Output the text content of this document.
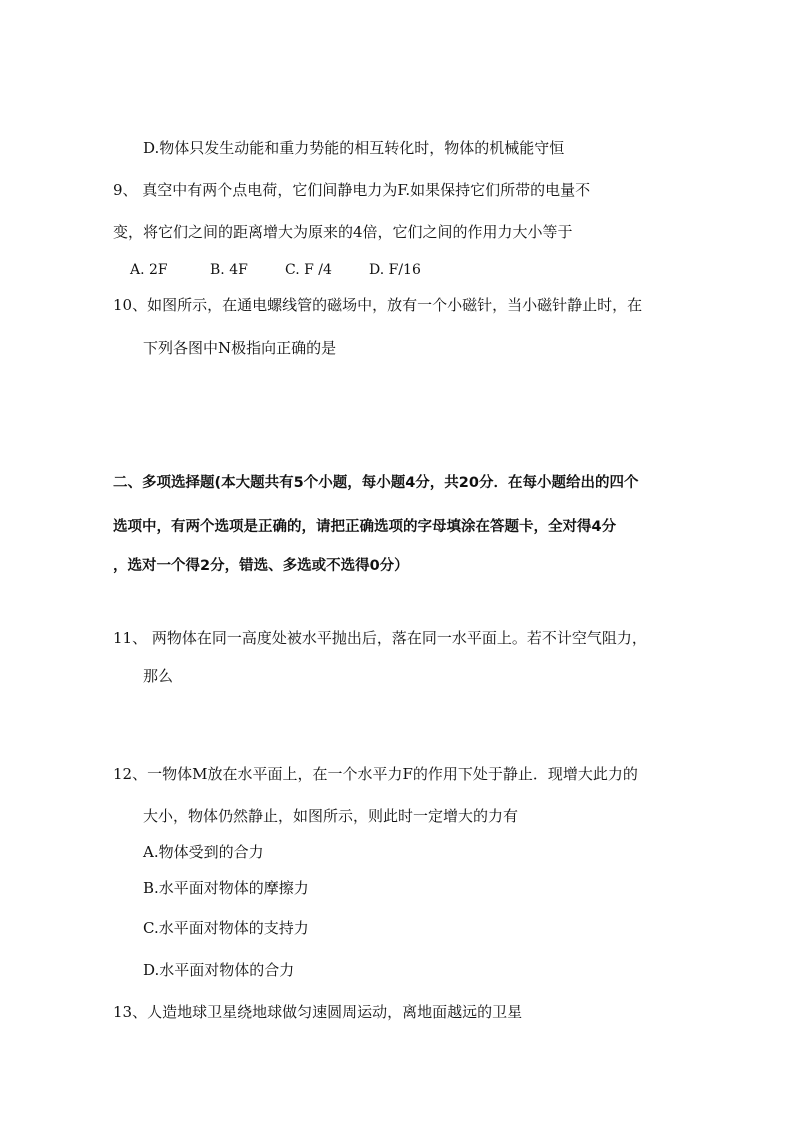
D.物体只发生动能和重力势能的相互转化时，物体的机械能守恒
9、 真空中有两个点电荷，它们间静电力为F.如果保持它们所带的电量不
变，将它们之间的距离增大为原来的4倍，它们之间的作用力大小等于
A. 2F	B. 4F	C. F /4	D. F/16
10、如图所示，在通电螺线管的磁场中，放有一个小磁针，当小磁针静止时，在
下列各图中N极指向正确的是
二、多项选择题(本大题共有5个小题，每小题4分，共20分．在每小题给出的四个
选项中，有两个选项是正确的，请把正确选项的字母填涂在答题卡，全对得4分
，选对一个得2分，错选、多选或不选得0分）
11、 两物体在同一高度处被水平抛出后，落在同一水平面上。若不计空气阻力，
那么
12、一物体M放在水平面上，在一个水平力F的作用下处于静止．现增大此力的
大小，物体仍然静止，如图所示，则此时一定增大的力有
A.物体受到的合力
B.水平面对物体的摩擦力
C.水平面对物体的支持力
D.水平面对物体的合力
13、人造地球卫星绕地球做匀速圆周运动，离地面越远的卫星
